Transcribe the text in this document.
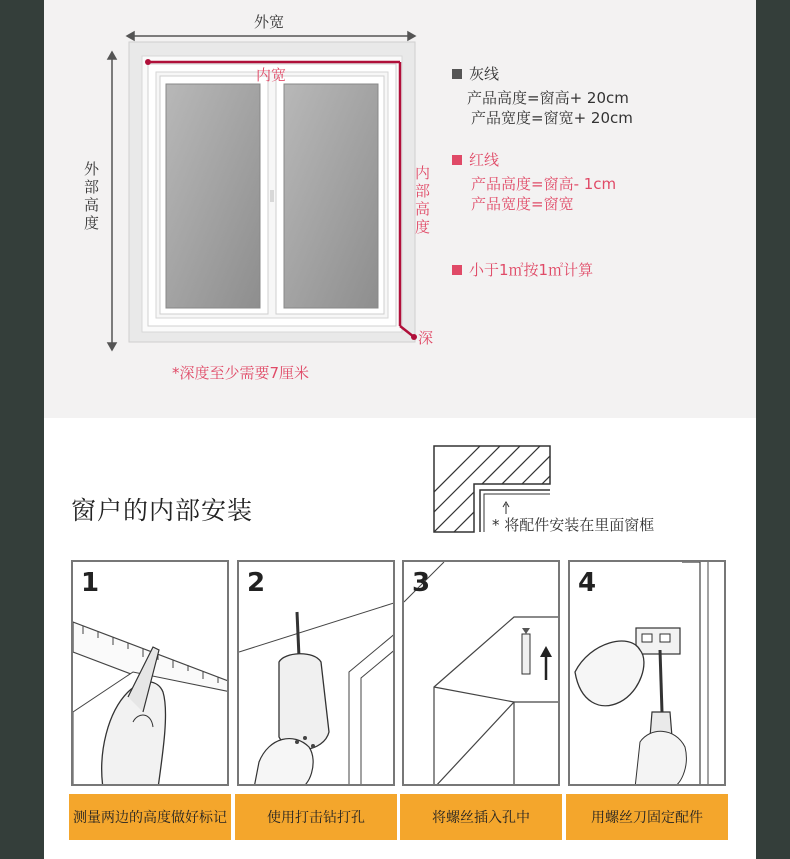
外宽
内宽
外部高度
内部高度
深
*深度至少需要7厘米
灰线
产品高度=窗高+ 20cm
产品宽度=窗宽+ 20cm
红线
产品高度=窗高- 1cm
产品宽度=窗宽
小于1㎡按1㎡计算
窗户的内部安装	* 将配件安装在里面窗框
1	2	3	4
测量两边的高度做好标记	使用打击钻打孔	将螺丝插入孔中	用螺丝刀固定配件
